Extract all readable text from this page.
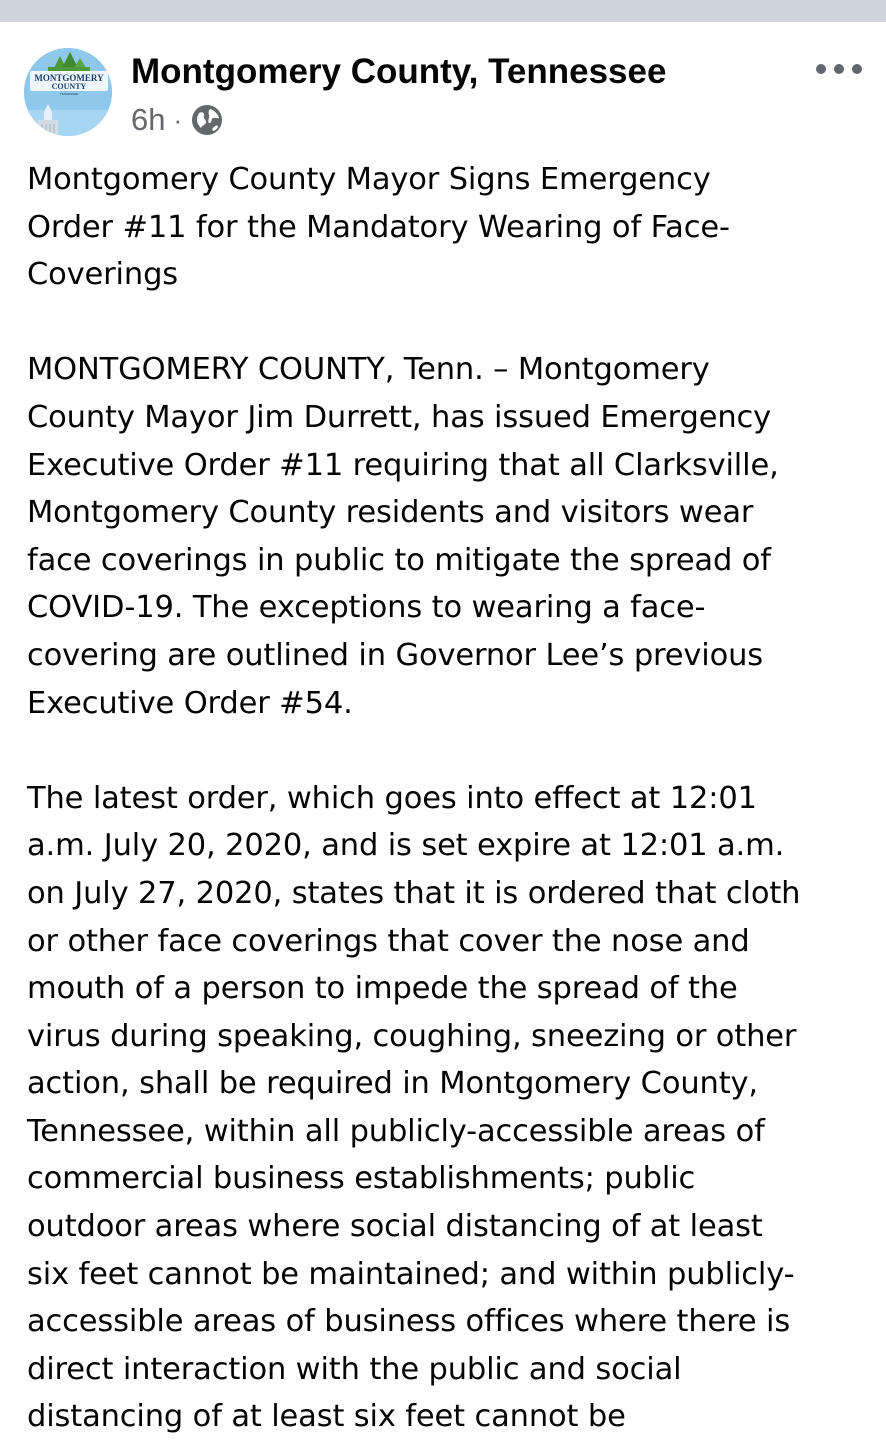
MONTGOMERY
COUNTY
TENNESSEE
Montgomery County, Tennessee
6h ·

Montgomery County Mayor Signs Emergency
Order #11 for the Mandatory Wearing of Face-
Coverings

MONTGOMERY COUNTY, Tenn. – Montgomery
County Mayor Jim Durrett, has issued Emergency
Executive Order #11 requiring that all Clarksville,
Montgomery County residents and visitors wear
face coverings in public to mitigate the spread of
COVID-19. The exceptions to wearing a face-
covering are outlined in Governor Lee’s previous
Executive Order #54.

The latest order, which goes into effect at 12:01
a.m. July 20, 2020, and is set expire at 12:01 a.m.
on July 27, 2020, states that it is ordered that cloth
or other face coverings that cover the nose and
mouth of a person to impede the spread of the
virus during speaking, coughing, sneezing or other
action, shall be required in Montgomery County,
Tennessee, within all publicly-accessible areas of
commercial business establishments; public
outdoor areas where social distancing of at least
six feet cannot be maintained; and within publicly-
accessible areas of business offices where there is
direct interaction with the public and social
distancing of at least six feet cannot be
